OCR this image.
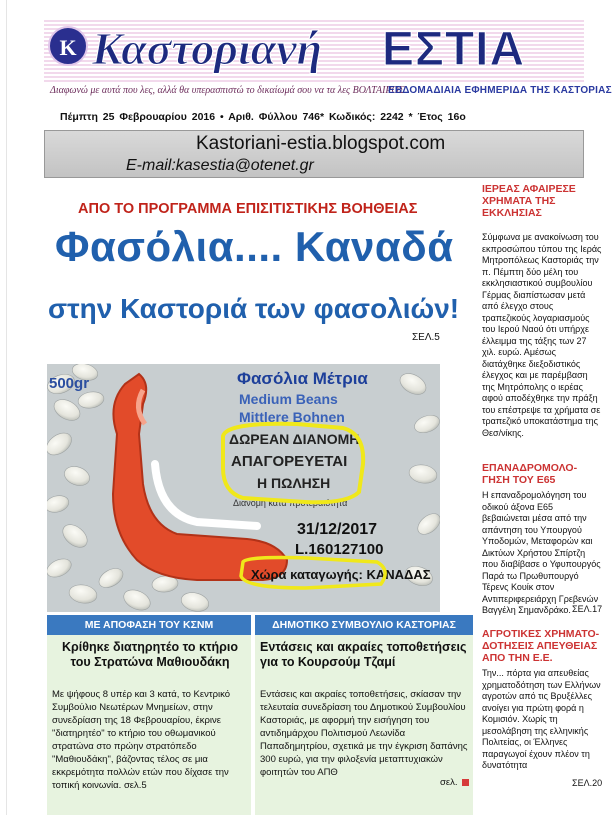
K Καστοριανή ΕΣΤΙΑ
Διαφωνώ με αυτά που λες, αλλά θα υπερασπιστώ το δικαίωμά σου να τα λες ΒΟΛΤΑΙΡΟΣ
ΕΒΔΟΜΑΔΙΑΙΑ ΕΦΗΜΕΡΙΔΑ ΤΗΣ ΚΑΣΤΟΡΙΑΣ
Πέμπτη 25 Φεβρουαρίου 2016 • Αριθ. Φύλλου 746* Κωδικός: 2242 * Έτος 16ο
Kastoriani-estia.blogspot.com
E-mail:kasestia@otenet.gr
ΑΠΟ ΤΟ ΠΡΟΓΡΑΜΜΑ ΕΠΙΣΙΤΙΣΤΙΚΗΣ ΒΟΗΘΕΙΑΣ
Φασόλια.... Καναδά
στην Καστοριά των φασολιών!
ΣΕΛ.5
500gr	Φασόλια Μέτρια
Medium Beans
Mittlere Bohnen
ΔΩΡΕΑΝ ΔΙΑΝΟΜΗ
ΑΠΑΓΟΡΕΥΕΤΑΙ
Η ΠΩΛΗΣΗ
Διανομή κατά προτεραιότητα
31/12/2017
L.160127100
Χώρα καταγωγής: ΚΑΝΑΔΑΣ
ΜΕ ΑΠΟΦΑΣΗ ΤΟΥ ΚΣΝΜ
Κρίθηκε διατηρητέο το κτήριο του Στρατώνα Μαθιουδάκη
Με ψήφους 8 υπέρ και 3 κατά, το Κεντρικό Συμβούλιο Νεωτέρων Μνημείων, στην συνεδρίαση της 18 Φεβρουαρίου, έκρινε "διατηρητέο" το κτήριο του οθωμανικού στρατώνα στο πρώην στρατόπεδο "Μαθιουδάκη", βάζοντας τέλος σε μια εκκρεμότητα πολλών ετών που δίχασε την τοπική κοινωνία. σελ.5
ΔΗΜΟΤΙΚΟ ΣΥΜΒΟΥΛΙΟ ΚΑΣΤΟΡΙΑΣ
Εντάσεις και ακραίες τοποθετήσεις για το Κουρσούμ Τζαμί
Εντάσεις και ακραίες τοποθετήσεις, σκίασαν την τελευταία συνεδρίαση του Δημοτικού Συμβουλίου Καστοριάς, με αφορμή την εισήγηση του αντιδημάρχου Πολιτισμού Λεωνίδα Παπαδημητρίου, σχετικά με την έγκριση δαπάνης 300 ευρώ, για την φιλοξενία μεταπτυχιακών φοιτητών του ΑΠΘ
σελ.
ΙΕΡΕΑΣ ΑΦΑΙΡΕΣΕ ΧΡΗΜΑΤΑ ΤΗΣ ΕΚΚΛΗΣΙΑΣ
Σύμφωνα με ανακοίνωση του εκπροσώπου τύπου της Ιεράς Μητροπόλεως Καστοριάς την π. Πέμπτη δύο μέλη του εκκλησιαστικού συμβουλίου Γέρμας διαπίστωσαν μετά από έλεγχο στους τραπεζικούς λογαριασμούς του Ιερού Ναού ότι υπήρχε έλλειμμα της τάξης των 27 χιλ. ευρώ. Αμέσως διατάχθηκε διεξοδιστικός έλεγχος και με παρέμβαση της Μητρόπολης ο ιερέας αφού αποδέχθηκε την πράξη του επέστρεψε τα χρήματα σε τραπεζικό υποκατάστημα της Θεσ/νίκης.
ΕΠΑΝΑΔΡΟΜΟΛΟ-ΓΗΣΗ ΤΟΥ Ε65
Η επαναδρομολόγηση του οδικού άξονα Ε65 βεβαιώνεται μέσα από την απάντηση του Υπουργού Υποδομών, Μεταφορών και Δικτύων Χρήστου Σπίρτζη που διαβίβασε ο Υφυπουργός Παρά τω Πρωθυπουργό Τέρενς Κουίκ στον Αντιπεριφερειάρχη Γρεβενών Βαγγέλη Σημανδράκο. ΣΕΛ.17
ΑΓΡΟΤΙΚΕΣ ΧΡΗΜΑΤΟ-ΔΟΤΗΣΕΙΣ ΑΠΕΥΘΕΙΑΣ ΑΠΟ ΤΗΝ Ε.Ε.
Την... πόρτα για απευθείας χρηματοδότηση των Ελλήνων αγροτών από τις Βρυξέλλες ανοίγει για πρώτη φορά η Κομισιόν. Χωρίς τη μεσολάβηση της ελληνικής Πολιτείας, οι Έλληνες παραγωγοί έχουν πλέον τη δυνατότητα
ΣΕΛ.20
